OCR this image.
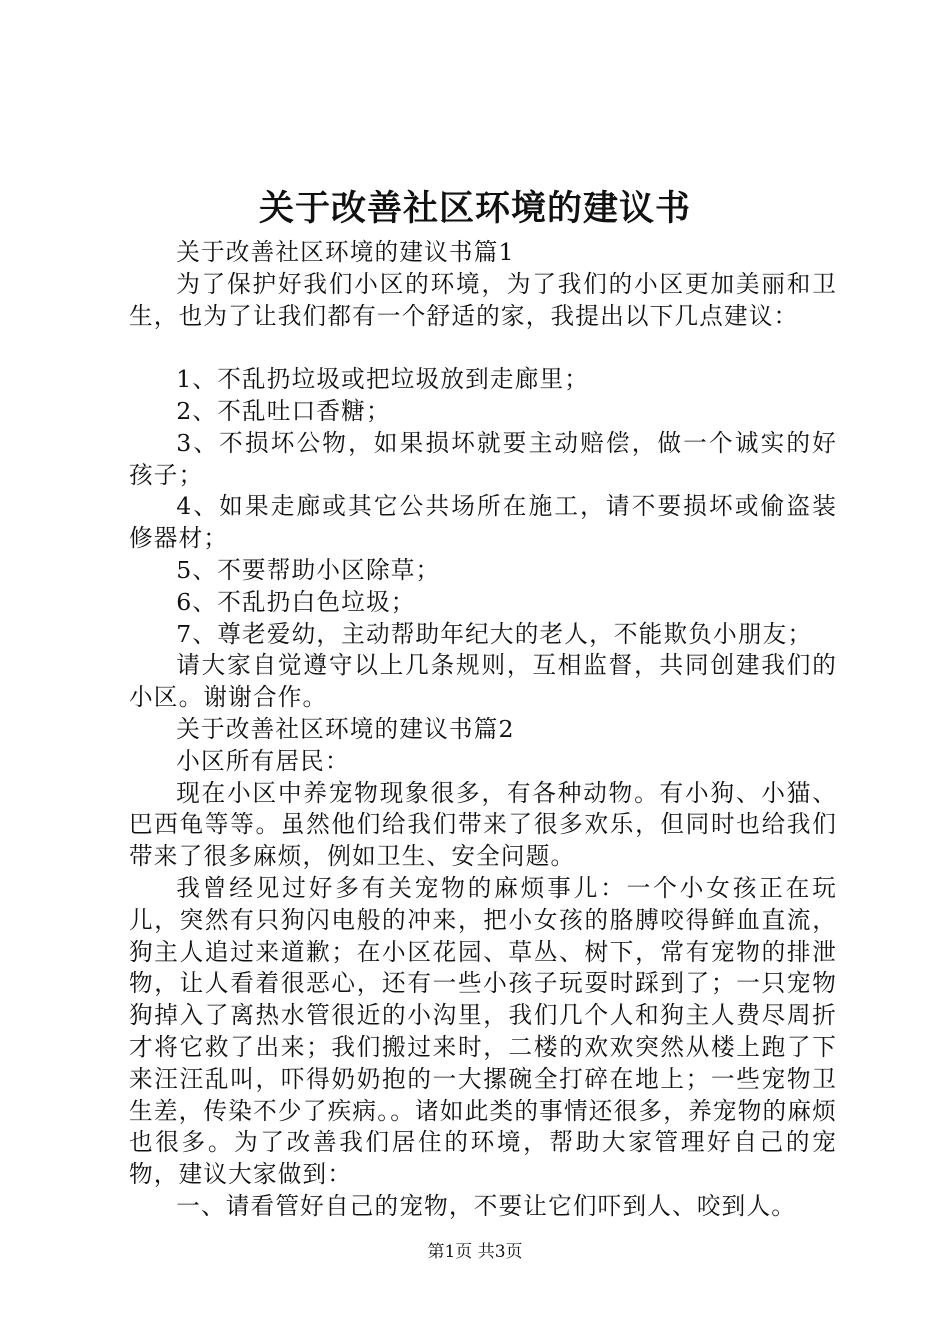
关于改善社区环境的建议书

关于改善社区环境的建议书篇1

为了保护好我们小区的环境，为了我们的小区更加美丽和卫生，也为了让我们都有一个舒适的家，我提出以下几点建议：

1、不乱扔垃圾或把垃圾放到走廊里；

2、不乱吐口香糖；

3、不损坏公物，如果损坏就要主动赔偿，做一个诚实的好孩子；

4、如果走廊或其它公共场所在施工，请不要损坏或偷盗装修器材；

5、不要帮助小区除草；

6、不乱扔白色垃圾；

7、尊老爱幼，主动帮助年纪大的老人，不能欺负小朋友；

请大家自觉遵守以上几条规则，互相监督，共同创建我们的小区。谢谢合作。

关于改善社区环境的建议书篇2

小区所有居民：

现在小区中养宠物现象很多，有各种动物。有小狗、小猫、巴西龟等等。虽然他们给我们带来了很多欢乐，但同时也给我们带来了很多麻烦，例如卫生、安全问题。

我曾经见过好多有关宠物的麻烦事儿：一个小女孩正在玩儿，突然有只狗闪电般的冲来，把小女孩的胳膊咬得鲜血直流，狗主人追过来道歉；在小区花园、草丛、树下，常有宠物的排泄物，让人看着很恶心，还有一些小孩子玩耍时踩到了；一只宠物狗掉入了离热水管很近的小沟里，我们几个人和狗主人费尽周折才将它救了出来；我们搬过来时，二楼的欢欢突然从楼上跑了下来汪汪乱叫，吓得奶奶抱的一大摞碗全打碎在地上；一些宠物卫生差，传染不少了疾病。。诸如此类的事情还很多，养宠物的麻烦也很多。为了改善我们居住的环境，帮助大家管理好自己的宠物，建议大家做到：

一、请看管好自己的宠物，不要让它们吓到人、咬到人。

第1页 共3页
